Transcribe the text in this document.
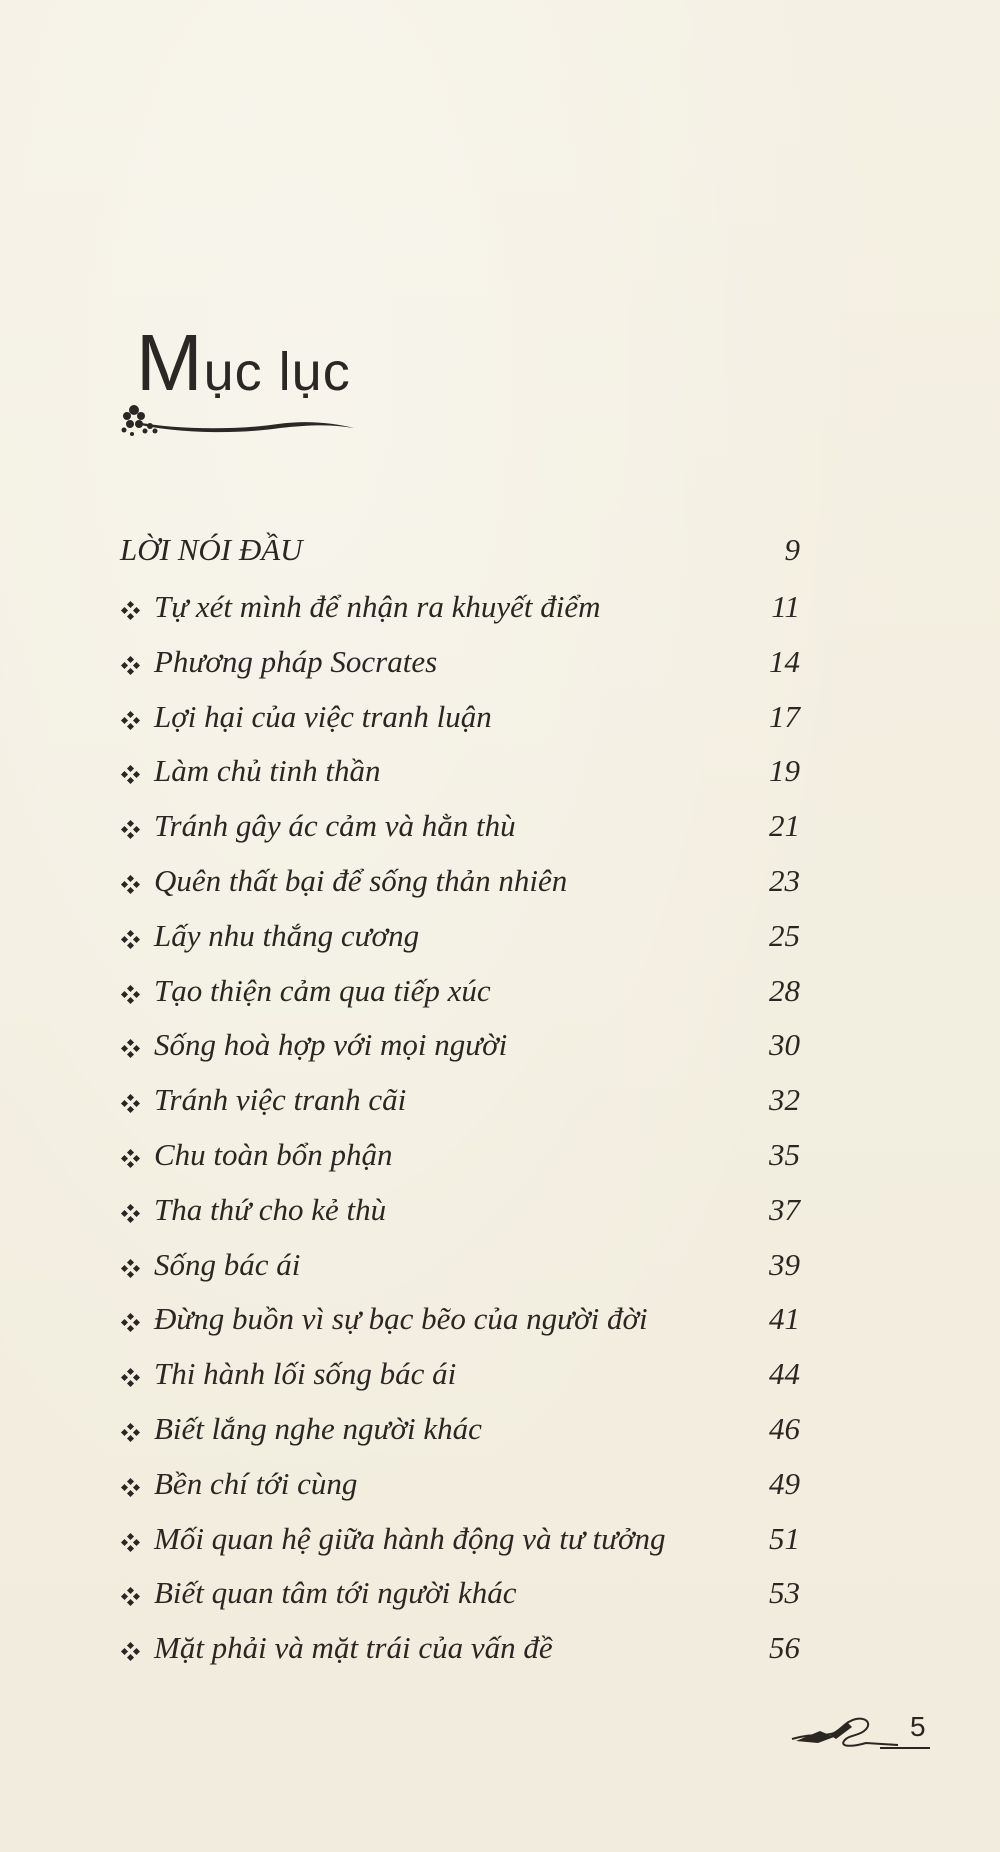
Mục lục
LỜI NÓI ĐẦU	9
Tự xét mình để nhận ra khuyết điểm	11
Phương pháp Socrates	14
Lợi hại của việc tranh luận	17
Làm chủ tinh thần	19
Tránh gây ác cảm và hằn thù	21
Quên thất bại để sống thản nhiên	23
Lấy nhu thắng cương	25
Tạo thiện cảm qua tiếp xúc	28
Sống hoà hợp với mọi người	30
Tránh việc tranh cãi	32
Chu toàn bổn phận	35
Tha thứ cho kẻ thù	37
Sống bác ái	39
Đừng buồn vì sự bạc bẽo của người đời	41
Thi hành lối sống bác ái	44
Biết lắng nghe người khác	46
Bền chí tới cùng	49
Mối quan hệ giữa hành động và tư tưởng	51
Biết quan tâm tới người khác	53
Mặt phải và mặt trái của vấn đề	56
5
